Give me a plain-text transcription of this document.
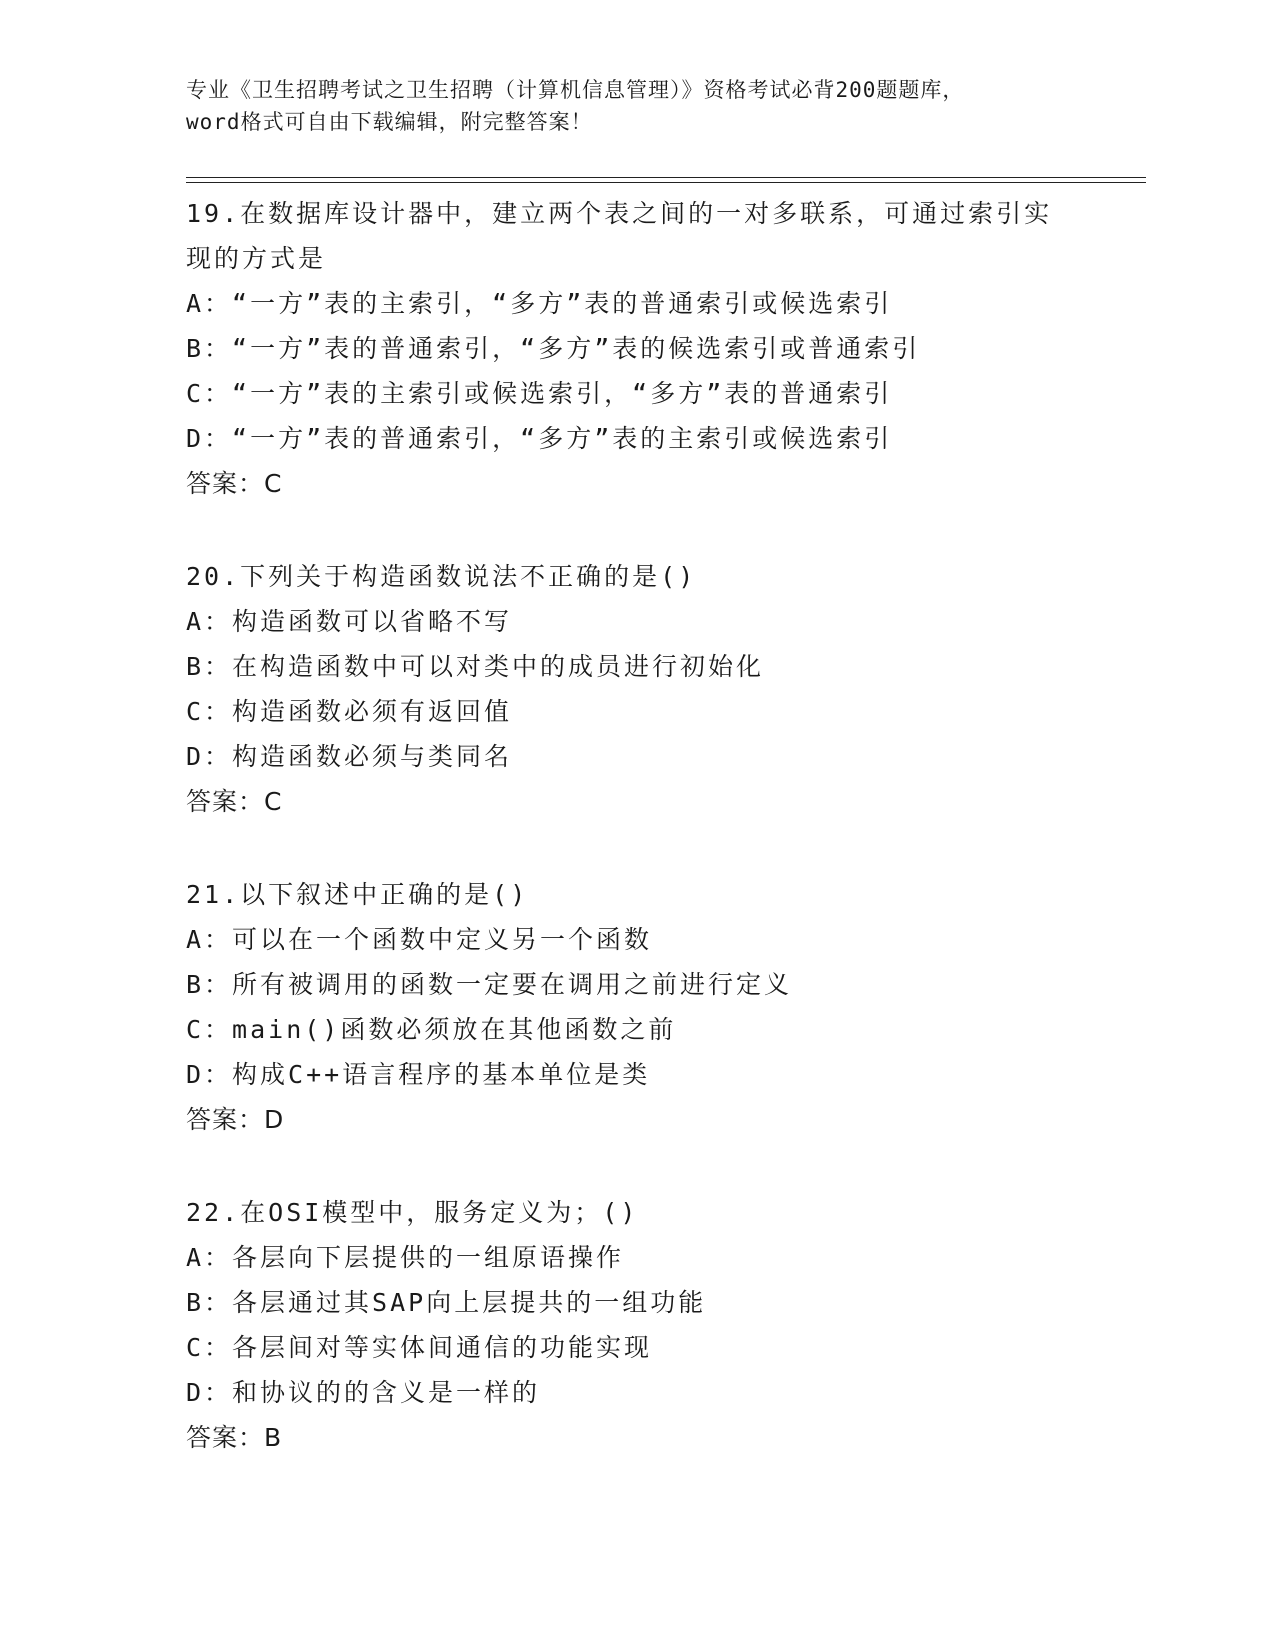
专业《卫生招聘考试之卫生招聘（计算机信息管理）》资格考试必背200题题库，
word格式可自由下载编辑，附完整答案！
19.在数据库设计器中，建立两个表之间的一对多联系，可通过索引实
现的方式是
A：“一方”表的主索引，“多方”表的普通索引或候选索引
B：“一方”表的普通索引，“多方”表的候选索引或普通索引
C：“一方”表的主索引或候选索引，“多方”表的普通索引
D：“一方”表的普通索引，“多方”表的主索引或候选索引
答案：C
20.下列关于构造函数说法不正确的是()
A：构造函数可以省略不写
B：在构造函数中可以对类中的成员进行初始化
C：构造函数必须有返回值
D：构造函数必须与类同名
答案：C
21.以下叙述中正确的是()
A：可以在一个函数中定义另一个函数
B：所有被调用的函数一定要在调用之前进行定义
C：main()函数必须放在其他函数之前
D：构成C++语言程序的基本单位是类
答案：D
22.在OSI模型中，服务定义为；()
A：各层向下层提供的一组原语操作
B：各层通过其SAP向上层提共的一组功能
C：各层间对等实体间通信的功能实现
D：和协议的的含义是一样的
答案：B
